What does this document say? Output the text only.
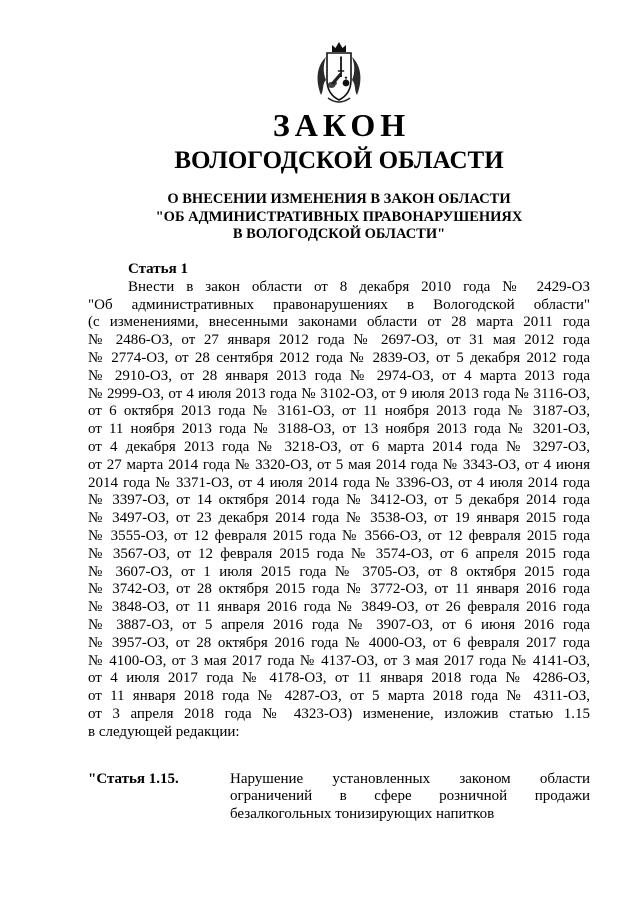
ЗАКОН
ВОЛОГОДСКОЙ ОБЛАСТИ
О ВНЕСЕНИИ ИЗМЕНЕНИЯ В ЗАКОН ОБЛАСТИ
"ОБ АДМИНИСТРАТИВНЫХ ПРАВОНАРУШЕНИЯХ
В ВОЛОГОДСКОЙ ОБЛАСТИ"
Статья 1
Внести в закон области от 8 декабря 2010 года № 2429-ОЗ
"Об административных правонарушениях в Вологодской области"
(с изменениями, внесенными законами области от 28 марта 2011 года
№ 2486-ОЗ, от 27 января 2012 года № 2697-ОЗ, от 31 мая 2012 года
№ 2774-ОЗ, от 28 сентября 2012 года № 2839-ОЗ, от 5 декабря 2012 года
№ 2910-ОЗ, от 28 января 2013 года № 2974-ОЗ, от 4 марта 2013 года
№ 2999-ОЗ, от 4 июля 2013 года № 3102-ОЗ, от 9 июля 2013 года № 3116-ОЗ,
от 6 октября 2013 года № 3161-ОЗ, от 11 ноября 2013 года № 3187-ОЗ,
от 11 ноября 2013 года № 3188-ОЗ, от 13 ноября 2013 года № 3201-ОЗ,
от 4 декабря 2013 года № 3218-ОЗ, от 6 марта 2014 года № 3297-ОЗ,
от 27 марта 2014 года № 3320-ОЗ, от 5 мая 2014 года № 3343-ОЗ, от 4 июня
2014 года № 3371-ОЗ, от 4 июля 2014 года № 3396-ОЗ, от 4 июля 2014 года
№ 3397-ОЗ, от 14 октября 2014 года № 3412-ОЗ, от 5 декабря 2014 года
№ 3497-ОЗ, от 23 декабря 2014 года № 3538-ОЗ, от 19 января 2015 года
№ 3555-ОЗ, от 12 февраля 2015 года № 3566-ОЗ, от 12 февраля 2015 года
№ 3567-ОЗ, от 12 февраля 2015 года № 3574-ОЗ, от 6 апреля 2015 года
№ 3607-ОЗ, от 1 июля 2015 года № 3705-ОЗ, от 8 октября 2015 года
№ 3742-ОЗ, от 28 октября 2015 года № 3772-ОЗ, от 11 января 2016 года
№ 3848-ОЗ, от 11 января 2016 года № 3849-ОЗ, от 26 февраля 2016 года
№ 3887-ОЗ, от 5 апреля 2016 года № 3907-ОЗ, от 6 июня 2016 года
№ 3957-ОЗ, от 28 октября 2016 года № 4000-ОЗ, от 6 февраля 2017 года
№ 4100-ОЗ, от 3 мая 2017 года № 4137-ОЗ, от 3 мая 2017 года № 4141-ОЗ,
от 4 июля 2017 года № 4178-ОЗ, от 11 января 2018 года № 4286-ОЗ,
от 11 января 2018 года № 4287-ОЗ, от 5 марта 2018 года № 4311-ОЗ,
от 3 апреля 2018 года № 4323-ОЗ) изменение, изложив статью 1.15
в следующей редакции:
"Статья 1.15.	Нарушение установленных законом области
ограничений в сфере розничной продажи
безалкогольных тонизирующих напитков
